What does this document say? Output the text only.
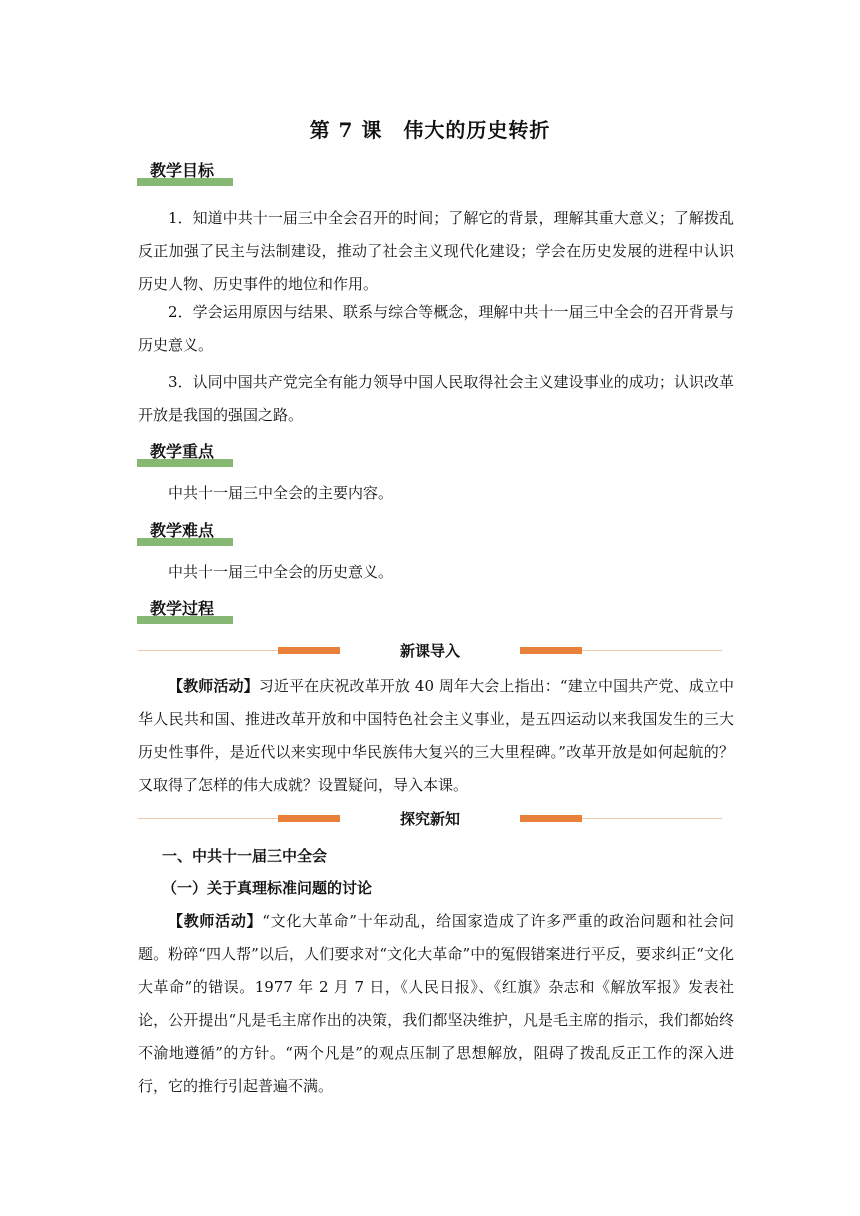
第 7 课　伟大的历史转折
教学目标

1．知道中共十一届三中全会召开的时间；了解它的背景，理解其重大意义；了解拨乱反正加强了民主与法制建设，推动了社会主义现代化建设；学会在历史发展的进程中认识历史人物、历史事件的地位和作用。

2．学会运用原因与结果、联系与综合等概念，理解中共十一届三中全会的召开背景与历史意义。

3．认同中国共产党完全有能力领导中国人民取得社会主义建设事业的成功；认识改革开放是我国的强国之路。

教学重点

中共十一届三中全会的主要内容。

教学难点

中共十一届三中全会的历史意义。

教学过程
新课导入

【教师活动】习近平在庆祝改革开放 40 周年大会上指出：“建立中国共产党、成立中华人民共和国、推进改革开放和中国特色社会主义事业，是五四运动以来我国发生的三大历史性事件，是近代以来实现中华民族伟大复兴的三大里程碑。”改革开放是如何起航的？又取得了怎样的伟大成就？设置疑问，导入本课。

探究新知
一、中共十一届三中全会
（一）关于真理标准问题的讨论

【教师活动】“文化大革命”十年动乱，给国家造成了许多严重的政治问题和社会问题。粉碎“四人帮”以后，人们要求对“文化大革命”中的冤假错案进行平反，要求纠正“文化大革命”的错误。1977 年 2 月 7 日，《人民日报》、《红旗》杂志和《解放军报》发表社论，公开提出“凡是毛主席作出的决策，我们都坚决维护，凡是毛主席的指示，我们都始终不渝地遵循”的方针。“两个凡是”的观点压制了思想解放，阻碍了拨乱反正工作的深入进行，它的推行引起普遍不满。
